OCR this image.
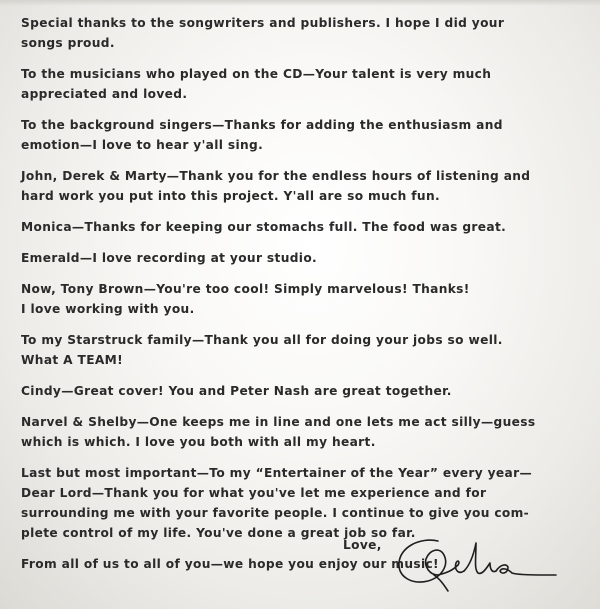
Special thanks to the songwriters and publishers. I hope I did your
songs proud.

To the musicians who played on the CD—Your talent is very much
appreciated and loved.

To the background singers—Thanks for adding the enthusiasm and
emotion—I love to hear y'all sing.

John, Derek & Marty—Thank you for the endless hours of listening and
hard work you put into this project. Y'all are so much fun.

Monica—Thanks for keeping our stomachs full. The food was great.

Emerald—I love recording at your studio.

Now, Tony Brown—You're too cool! Simply marvelous! Thanks!
I love working with you.

To my Starstruck family—Thank you all for doing your jobs so well.
What A TEAM!

Cindy—Great cover! You and Peter Nash are great together.

Narvel & Shelby—One keeps me in line and one lets me act silly—guess
which is which. I love you both with all my heart.

Last but most important—To my “Entertainer of the Year” every year—
Dear Lord—Thank you for what you've let me experience and for
surrounding me with your favorite people. I continue to give you com-
plete control of my life. You've done a great job so far.

From all of us to all of you—we hope you enjoy our music!

Love,
